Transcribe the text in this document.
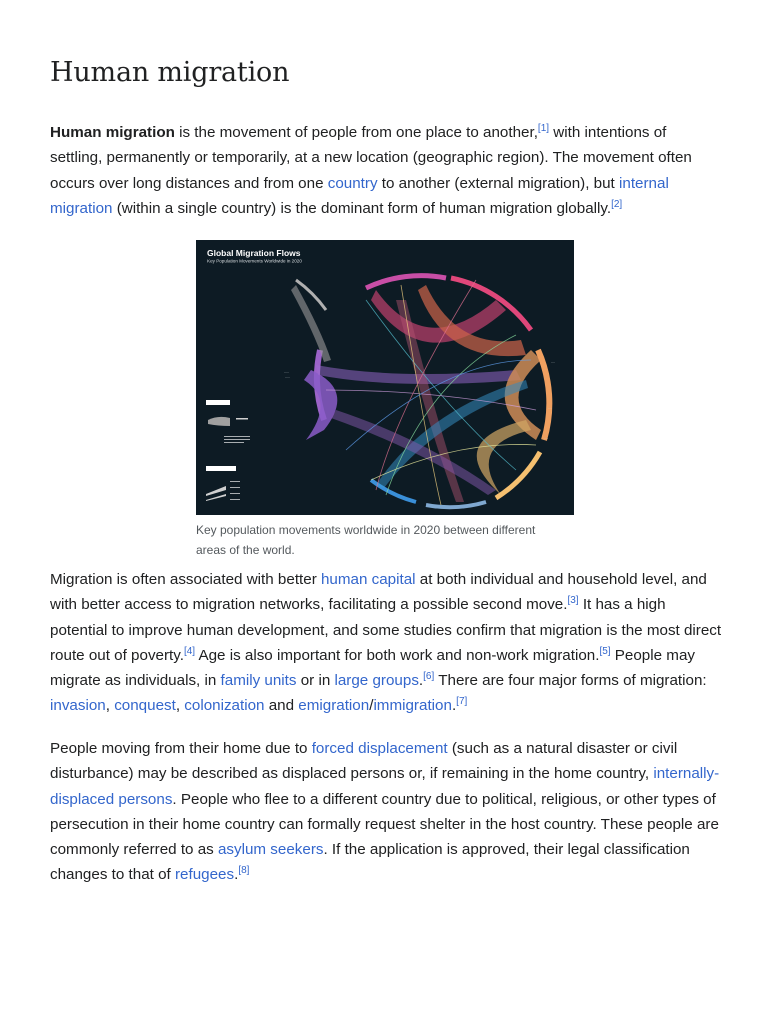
Human migration

Human migration is the movement of people from one place to another,[1] with intentions of settling, permanently or temporarily, at a new location (geographic region). The movement often occurs over long distances and from one country to another (external migration), but internal migration (within a single country) is the dominant form of human migration globally.[2]

Global Migration Flows
Key Population Movements Worldwide in 2020
·····
·····
····
····
····
Key population movements worldwide in 2020 between different areas of the world.

Migration is often associated with better human capital at both individual and household level, and with better access to migration networks, facilitating a possible second move.[3] It has a high potential to improve human development, and some studies confirm that migration is the most direct route out of poverty.[4] Age is also important for both work and non-work migration.[5] People may migrate as individuals, in family units or in large groups.[6] There are four major forms of migration: invasion, conquest, colonization and emigration/immigration.[7]

People moving from their home due to forced displacement (such as a natural disaster or civil disturbance) may be described as displaced persons or, if remaining in the home country, internally-displaced persons. People who flee to a different country due to political, religious, or other types of persecution in their home country can formally request shelter in the host country. These people are commonly referred to as asylum seekers. If the application is approved, their legal classification changes to that of refugees.[8]
